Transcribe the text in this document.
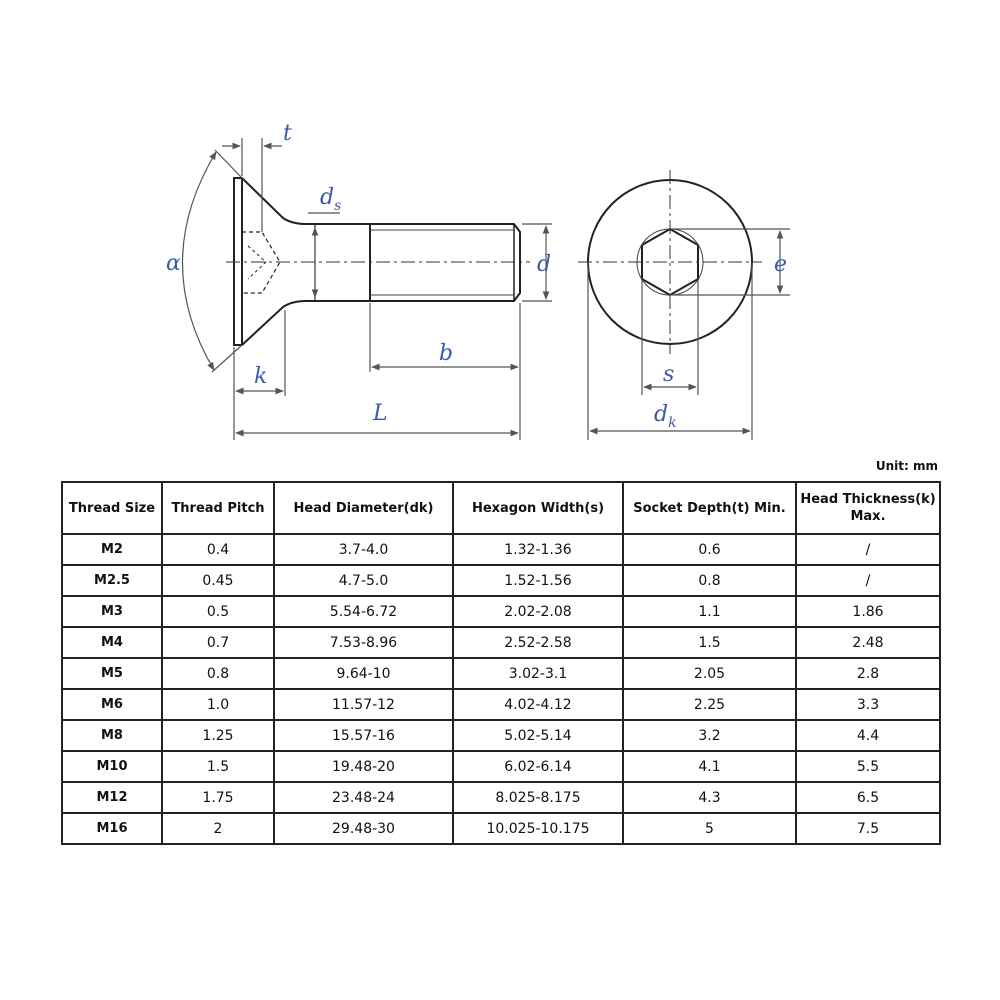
t
$d_s$
α	d	e
b
k
L
s
$d_k$
Unit: mm
Thread Size	Thread Pitch	Head Diameter(dk)	Hexagon Width(s)	Socket Depth(t) Min.	Head Thickness(k) Max.
M2	0.4	3.7-4.0	1.32-1.36	0.6	/
M2.5	0.45	4.7-5.0	1.52-1.56	0.8	/
M3	0.5	5.54-6.72	2.02-2.08	1.1	1.86
M4	0.7	7.53-8.96	2.52-2.58	1.5	2.48
M5	0.8	9.64-10	3.02-3.1	2.05	2.8
M6	1.0	11.57-12	4.02-4.12	2.25	3.3
M8	1.25	15.57-16	5.02-5.14	3.2	4.4
M10	1.5	19.48-20	6.02-6.14	4.1	5.5
M12	1.75	23.48-24	8.025-8.175	4.3	6.5
M16	2	29.48-30	10.025-10.175	5	7.5
